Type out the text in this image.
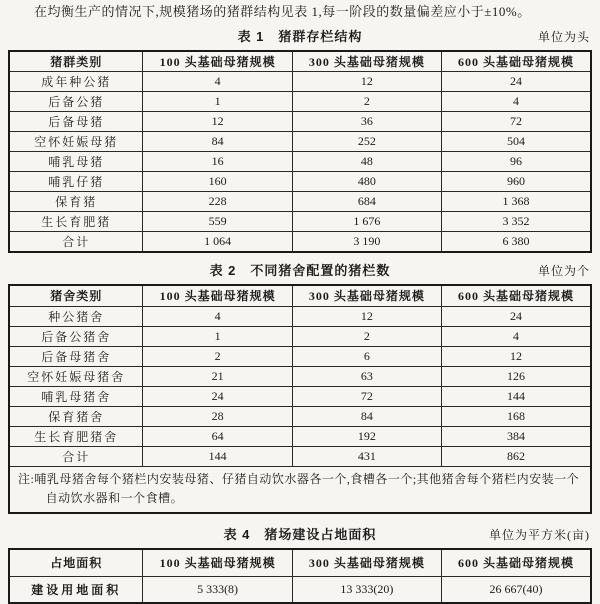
在均衡生产的情况下,规模猪场的猪群结构见表 1,每一阶段的数量偏差应小于±10%。

表 1 猪群存栏结构	单位为头
猪群类别	100 头基础母猪规模	300 头基础母猪规模	600 头基础母猪规模
成年种公猪	4	12	24
后备公猪	1	2	4
后备母猪	12	36	72
空怀妊娠母猪	84	252	504
哺乳母猪	16	48	96
哺乳仔猪	160	480	960
保育猪	228	684	1 368
生长育肥猪	559	1 676	3 352
合计	1 064	3 190	6 380
表 2 不同猪舍配置的猪栏数	单位为个
猪舍类别	100 头基础母猪规模	300 头基础母猪规模	600 头基础母猪规模
种公猪舍	4	12	24
后备公猪舍	1	2	4
后备母猪舍	2	6	12
空怀妊娠母猪舍	21	63	126
哺乳母猪舍	24	72	144
保育猪舍	28	84	168
生长育肥猪舍	64	192	384
合计	144	431	862

注:哺乳母猪舍每个猪栏内安装母猪、仔猪自动饮水器各一个,食槽各一个;其他猪舍每个猪栏内安装一个自动饮水器和一个食槽。			
表 4 猪场建设占地面积	单位为平方米(亩)
占地面积	100 头基础母猪规模	300 头基础母猪规模	600 头基础母猪规模
建设用地面积	5 333(8)	13 333(20)	26 667(40)
